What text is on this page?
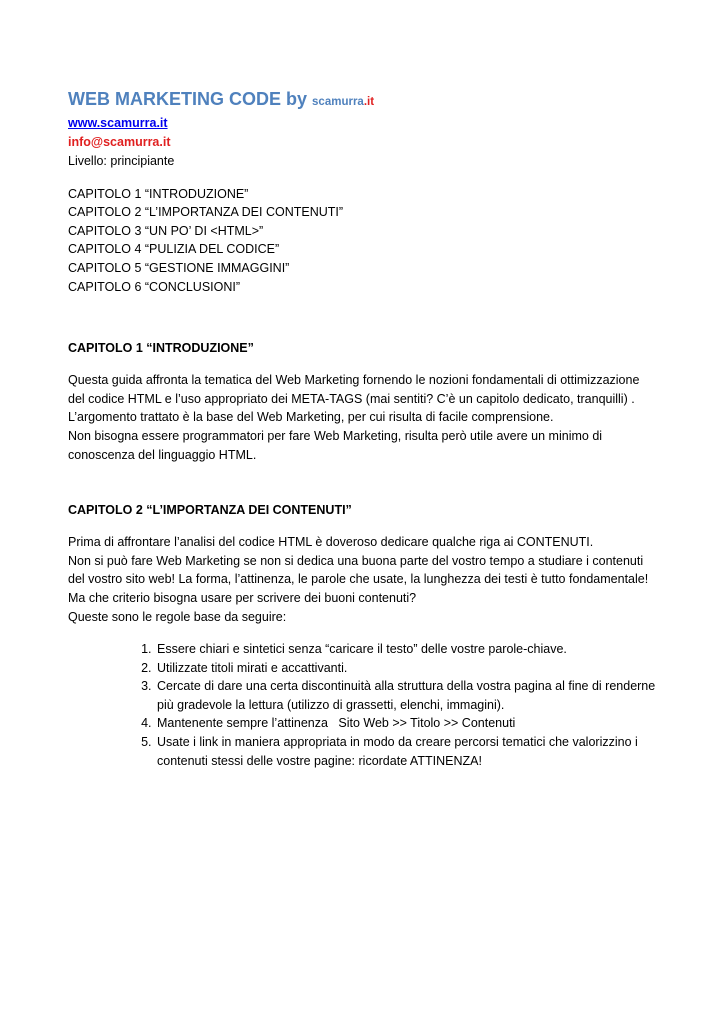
WEB MARKETING CODE by scamurra.it
www.scamurra.it
info@scamurra.it

Livello: principiante

CAPITOLO 1 “INTRODUZIONE”
CAPITOLO 2 “L’IMPORTANZA DEI CONTENUTI”
CAPITOLO 3 “UN PO’ DI <HTML>”
CAPITOLO 4 “PULIZIA DEL CODICE”
CAPITOLO 5 “GESTIONE IMMAGGINI”
CAPITOLO 6 “CONCLUSIONI”
CAPITOLO 1 “INTRODUZIONE”

Questa guida affronta la tematica del Web Marketing fornendo le nozioni fondamentali di ottimizzazione

del codice HTML e l’uso appropriato dei META-TAGS (mai sentiti? C’è un capitolo dedicato, tranquilli) .

L’argomento trattato è la base del Web Marketing, per cui risulta di facile comprensione.

Non bisogna essere programmatori per fare Web Marketing, risulta però utile avere un minimo di

conoscenza del linguaggio HTML.

CAPITOLO 2 “L’IMPORTANZA DEI CONTENUTI”

Prima di affrontare l’analisi del codice HTML è doveroso dedicare qualche riga ai CONTENUTI.

Non si può fare Web Marketing se non si dedica una buona parte del vostro tempo a studiare i contenuti

del vostro sito web! La forma, l’attinenza, le parole che usate, la lunghezza dei testi è tutto fondamentale!

Ma che criterio bisogna usare per scrivere dei buoni contenuti?

Queste sono le regole base da seguire:

1. Essere chiari e sintetici senza “caricare il testo” delle vostre parole-chiave.
2. Utilizzate titoli mirati e accattivanti.
3. Cercate di dare una certa discontinuità alla struttura della vostra pagina al fine di renderne
più gradevole la lettura (utilizzo di grassetti, elenchi, immagini).
4. Mantenente sempre l’attinenza   Sito Web >> Titolo >> Contenuti
5. Usate i link in maniera appropriata in modo da creare percorsi tematici che valorizzino i
contenuti stessi delle vostre pagine: ricordate ATTINENZA!
